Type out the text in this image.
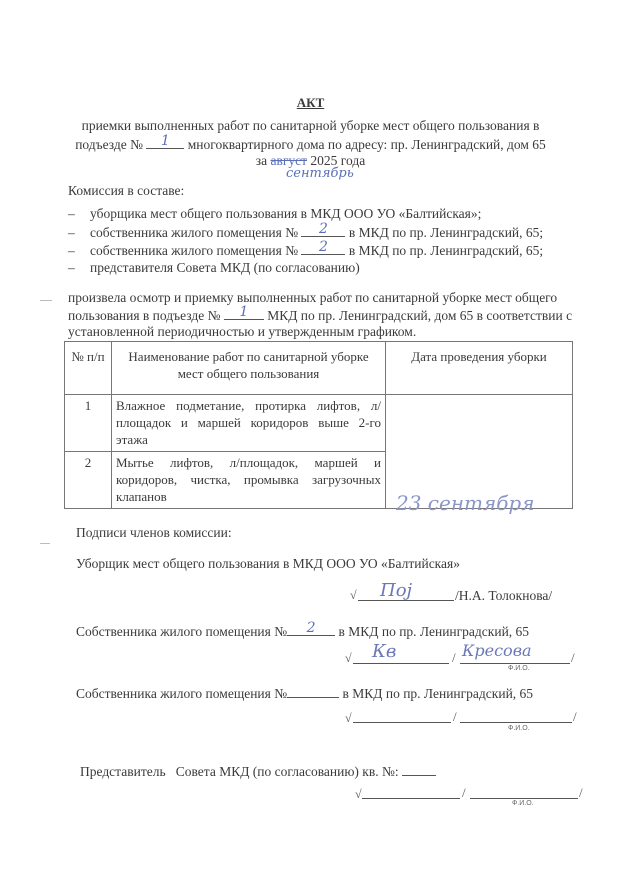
АКТ
приемки выполненных работ по санитарной уборке мест общего пользования в
подъезде №	1	многоквартирного дома по адресу: пр. Ленинградский, дом 65
за август 2025 года
сентябрь
Комиссия в составе:
– уборщика мест общего пользования в МКД ООО УО «Балтийская»;
– собственника жилого помещения №	2	в МКД по пр. Ленинградский, 65;
– собственника жилого помещения №	2	в МКД по пр. Ленинградский, 65;
– представителя Совета МКД (по согласованию)
произвела осмотр и приемку выполненных работ по санитарной уборке мест общего
пользования в подъезде №	1	МКД по пр. Ленинградский, дом 65 в соответствии с
установленной периодичностью и утвержденным графиком.
№ п/п	Наименование работ по санитарной уборке мест общего пользования	Дата проведения уборки
1	Влажное подметание, протирка лифтов, л/площадок и маршей коридоров выше 2-го этажа	23 сентября

2	Мытье лифтов, л/площадок, маршей и коридоров, чистка, промывка загрузочных клапанов	
Подписи членов комиссии:
Уборщик мест общего пользования в МКД ООО УО «Балтийская»
√ Пој	/Н.А. Толокнова/
Собственника жилого помещения №	2	в МКД по пр. Ленинградский, 65
√ Кв	/ Кресова	/
Ф.И.О.
Собственника жилого помещения №	в МКД по пр. Ленинградский, 65
√	/	/
Ф.И.О.
Представитель   Совета МКД (по согласованию) кв. №:
√	/	/
Ф.И.О.
